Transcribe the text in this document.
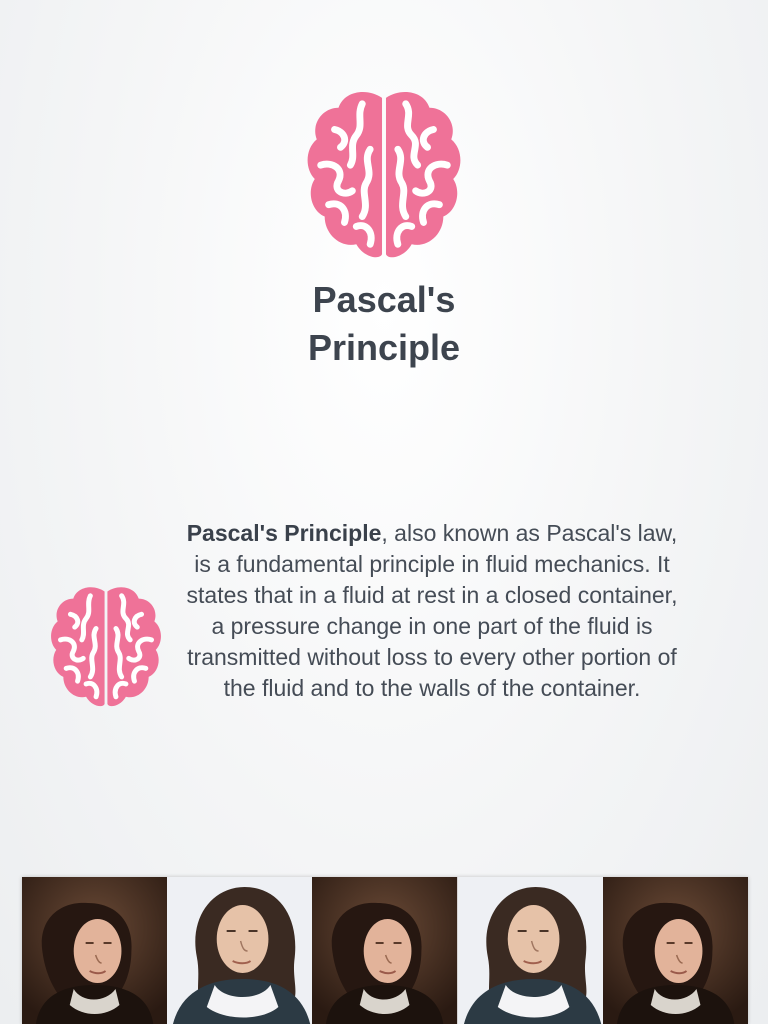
Pascal's
Principle

Pascal's Principle, also known as Pascal's law, is a fundamental principle in fluid mechanics. It states that in a fluid at rest in a closed container, a pressure change in one part of the fluid is transmitted without loss to every other portion of the fluid and to the walls of the container.
